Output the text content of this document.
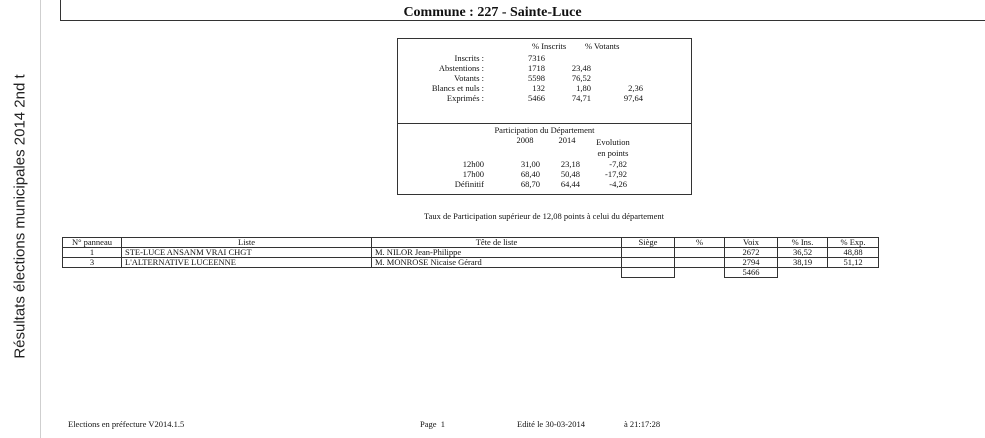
Résultats élections municipales 2014 2nd t
Commune : 227 - Sainte-Luce
% Inscrits % Votants
Inscrits :	7316
Abstentions :	1718	23,48
Votants :	5598	76,52
Blancs et nuls :	132	1,80	2,36
Exprimés :	5466	74,71	97,64
Participation du Département
2008	2014	Evolution
en points
12h00	31,00	23,18	-7,82
17h00	68,40	50,48	-17,92
Définitif	68,70	64,44	-4,26
Taux de Participation supérieur de 12,08 points à celui du département
N° panneau	Liste	Tête de liste	Siège	%	Voix	% Ins.	% Exp.
1	STE-LUCE ANSANM VRAI CHGT	M. NILOR Jean-Philippe			2672	36,52	48,88
3	L'ALTERNATIVE LUCEENNE	M. MONROSE Nicaise Gérard			2794	38,19	51,12
					5466		
Elections en préfecture V2014.1.5	Page 1	Edité le 30-03-2014	à 21:17:28
